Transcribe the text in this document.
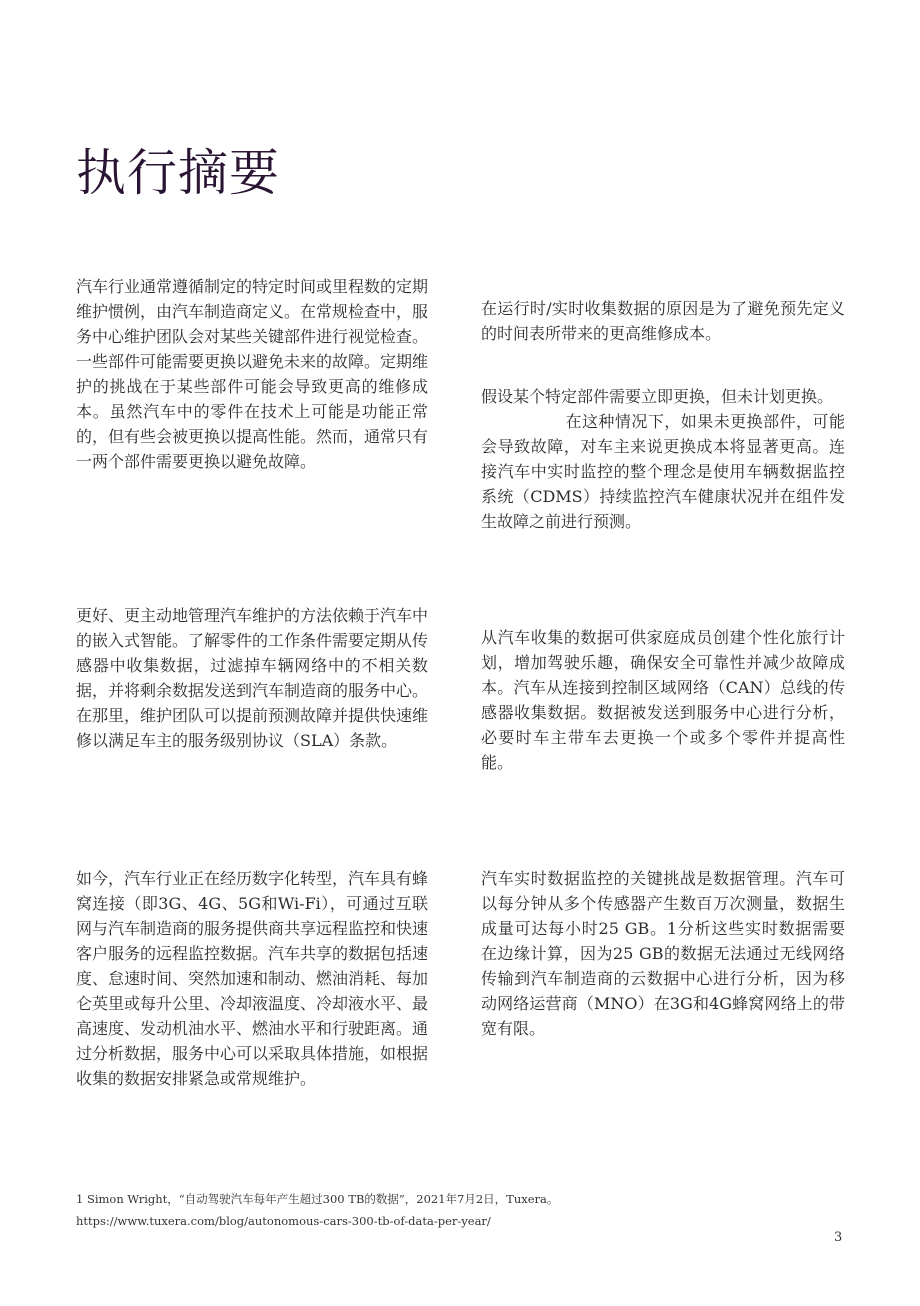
执行摘要

汽车行业通常遵循制定的特定时间或里程数的定期维护惯例，由汽车制造商定义。在常规检查中，服务中心维护团队会对某些关键部件进行视觉检查。一些部件可能需要更换以避免未来的故障。定期维护的挑战在于某些部件可能会导致更高的维修成本。虽然汽车中的零件在技术上可能是功能正常的，但有些会被更换以提高性能。然而，通常只有一两个部件需要更换以避免故障。

更好、更主动地管理汽车维护的方法依赖于汽车中的嵌入式智能。了解零件的工作条件需要定期从传感器中收集数据，过滤掉车辆网络中的不相关数据，并将剩余数据发送到汽车制造商的服务中心。在那里，维护团队可以提前预测故障并提供快速维修以满足车主的服务级别协议（SLA）条款。

如今，汽车行业正在经历数字化转型，汽车具有蜂窝连接（即3G、4G、5G和Wi-Fi），可通过互联网与汽车制造商的服务提供商共享远程监控和快速客户服务的远程监控数据。汽车共享的数据包括速度、怠速时间、突然加速和制动、燃油消耗、每加仑英里或每升公里、冷却液温度、冷却液水平、最高速度、发动机油水平、燃油水平和行驶距离。通过分析数据，服务中心可以采取具体措施，如根据收集的数据安排紧急或常规维护。

在运行时/实时收集数据的原因是为了避免预先定义的时间表所带来的更高维修成本。

假设某个特定部件需要立即更换，但未计划更换。
在这种情况下，如果未更换部件，可能会导致故障，对车主来说更换成本将显著更高。连接汽车中实时监控的整个理念是使用车辆数据监控系统（CDMS）持续监控汽车健康状况并在组件发生故障之前进行预测。

从汽车收集的数据可供家庭成员创建个性化旅行计划，增加驾驶乐趣，确保安全可靠性并减少故障成本。汽车从连接到控制区域网络（CAN）总线的传感器收集数据。数据被发送到服务中心进行分析，必要时车主带车去更换一个或多个零件并提高性能。

汽车实时数据监控的关键挑战是数据管理。汽车可以每分钟从多个传感器产生数百万次测量，数据生成量可达每小时25 GB。1分析这些实时数据需要在边缘计算，因为25 GB的数据无法通过无线网络传输到汽车制造商的云数据中心进行分析，因为移动网络运营商（MNO）在3G和4G蜂窝网络上的带宽有限。

1 Simon Wright，“自动驾驶汽车每年产生超过300 TB的数据”，2021年7月2日，Tuxera。

https://www.tuxera.com/blog/autonomous-cars-300-tb-of-data-per-year/

3
